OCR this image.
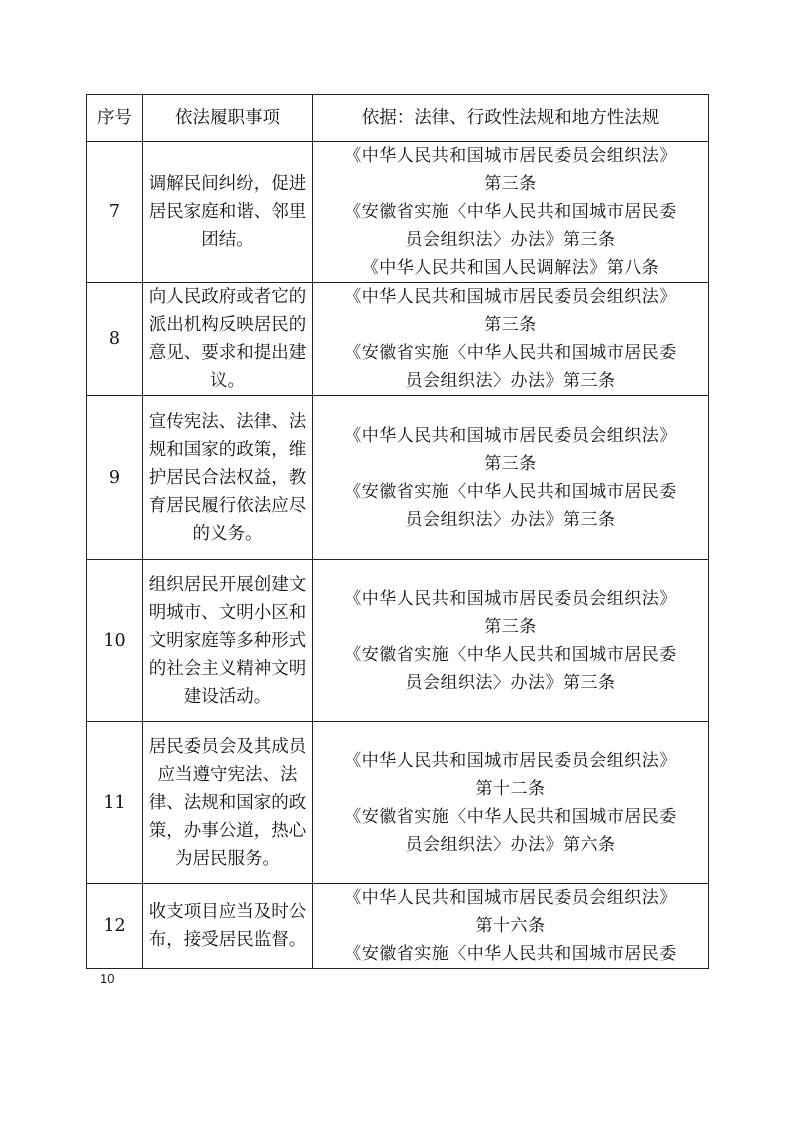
序号	依法履职事项	依据：法律、行政性法规和地方性法规
7	调解民间纠纷，促进居民家庭和谐、邻里团结。	《中华人民共和国城市居民委员会组织法》
第三条
《安徽省实施〈中华人民共和国城市居民委
员会组织法〉办法》第三条
《中华人民共和国人民调解法》第八条

8	向人民政府或者它的派出机构反映居民的意见、要求和提出建议。	《中华人民共和国城市居民委员会组织法》
第三条
《安徽省实施〈中华人民共和国城市居民委
员会组织法〉办法》第三条

9	宣传宪法、法律、法规和国家的政策，维护居民合法权益，教育居民履行依法应尽的义务。	《中华人民共和国城市居民委员会组织法》
第三条
《安徽省实施〈中华人民共和国城市居民委
员会组织法〉办法》第三条

10	组织居民开展创建文明城市、文明小区和文明家庭等多种形式的社会主义精神文明建设活动。	《中华人民共和国城市居民委员会组织法》
第三条
《安徽省实施〈中华人民共和国城市居民委
员会组织法〉办法》第三条

11	居民委员会及其成员应当遵守宪法、法律、法规和国家的政策，办事公道，热心为居民服务。	《中华人民共和国城市居民委员会组织法》
第十二条
《安徽省实施〈中华人民共和国城市居民委
员会组织法〉办法》第六条

12	收支项目应当及时公布，接受居民监督。	《中华人民共和国城市居民委员会组织法》
第十六条
《安徽省实施〈中华人民共和国城市居民委
10
